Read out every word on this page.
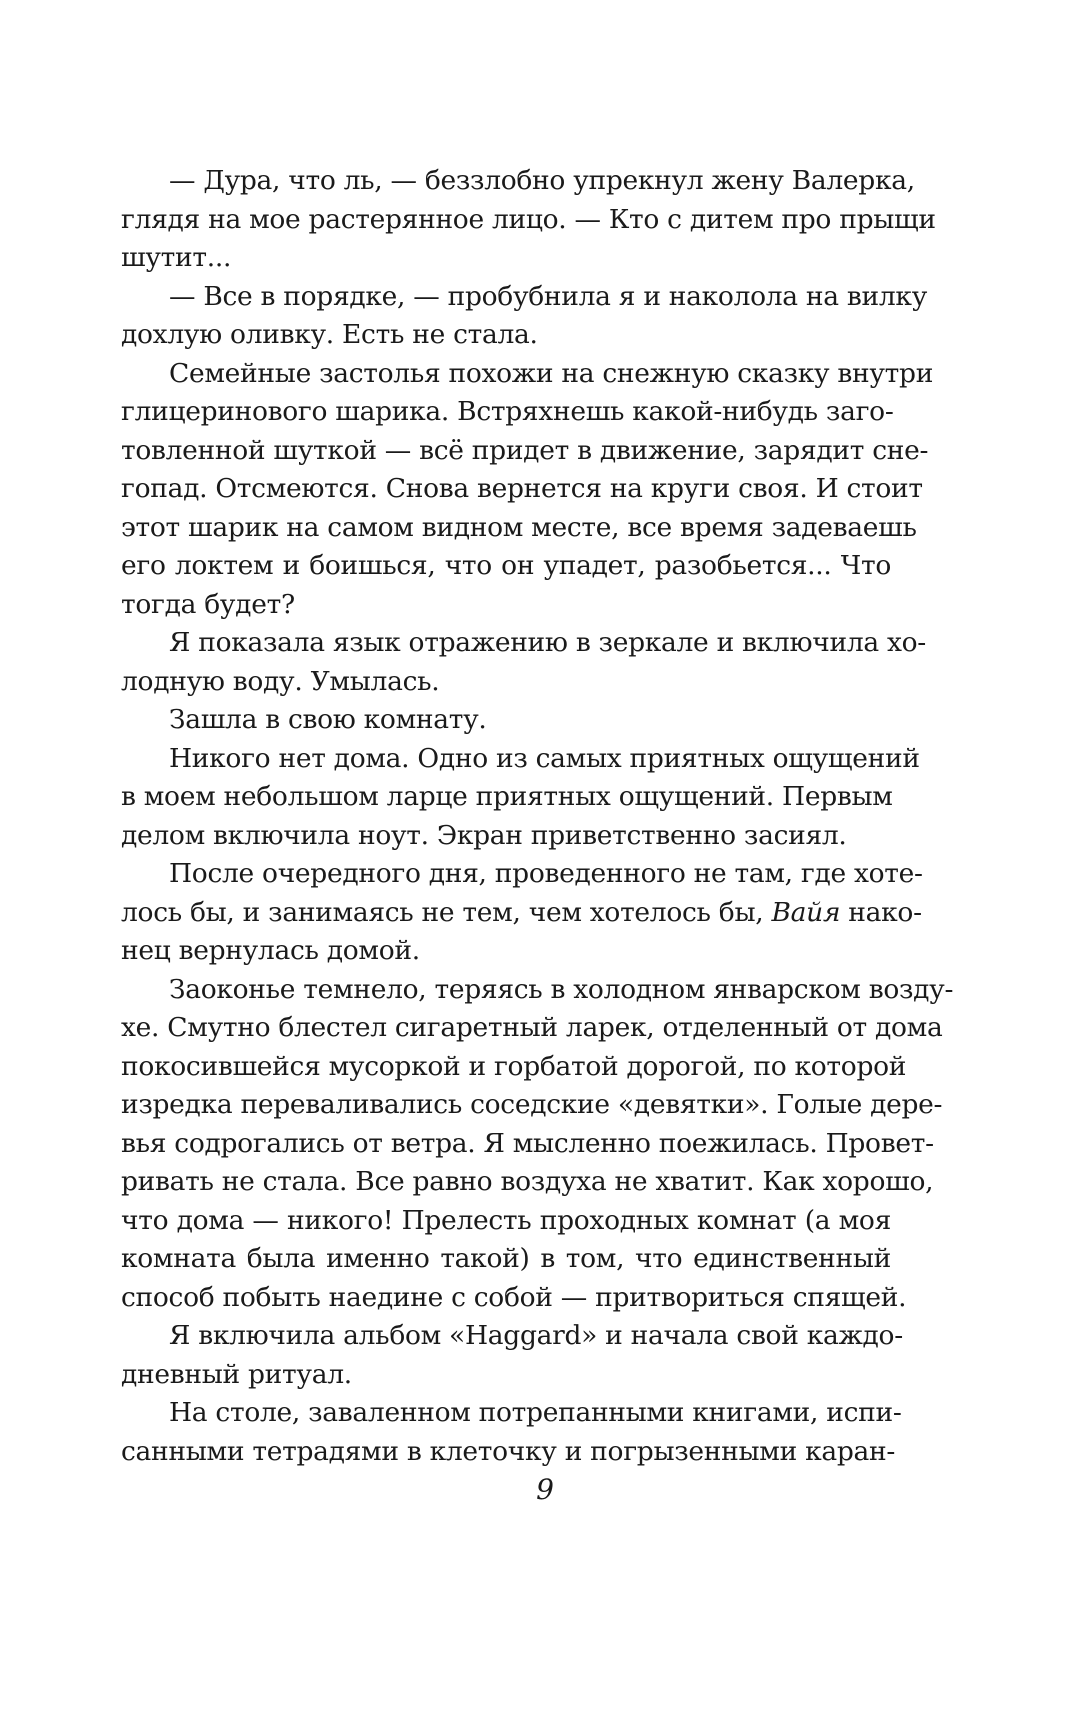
— Дура, что ль, — беззлобно упрекнул жену Валерка,
глядя на мое растерянное лицо. — Кто с дитем про прыщи
шутит...
— Все в порядке, — пробубнила я и наколола на вилку
дохлую оливку. Есть не стала.
Семейные застолья похожи на снежную сказку внутри
глицеринового шарика. Встряхнешь какой-нибудь заго-
товленной шуткой — всё придет в движение, зарядит сне-
гопад. Отсмеются. Снова вернется на круги своя. И стоит
этот шарик на самом видном месте, все время задеваешь
его локтем и боишься, что он упадет, разобьется... Что
тогда будет?
Я показала язык отражению в зеркале и включила хо-
лодную воду. Умылась.
Зашла в свою комнату.
Никого нет дома. Одно из самых приятных ощущений
в моем небольшом ларце приятных ощущений. Первым
делом включила ноут. Экран приветственно засиял.
После очередного дня, проведенного не там, где хоте-
лось бы, и занимаясь не тем, чем хотелось бы, Вайя нако-
нец вернулась домой.
Заоконье темнело, теряясь в холодном январском возду-
хе. Смутно блестел сигаретный ларек, отделенный от дома
покосившейся мусоркой и горбатой дорогой, по которой
изредка переваливались соседские «девятки». Голые дере-
вья содрогались от ветра. Я мысленно поежилась. Провет-
ривать не стала. Все равно воздуха не хватит. Как хорошо,
что дома — никого! Прелесть проходных комнат (а моя
комната была именно такой) в том, что единственный
способ побыть наедине с собой — притвориться спящей.
Я включила альбом «Haggard» и начала свой каждо-
дневный ритуал.
На столе, заваленном потрепанными книгами, испи-
санными тетрадями в клеточку и погрызенными каран-
9
